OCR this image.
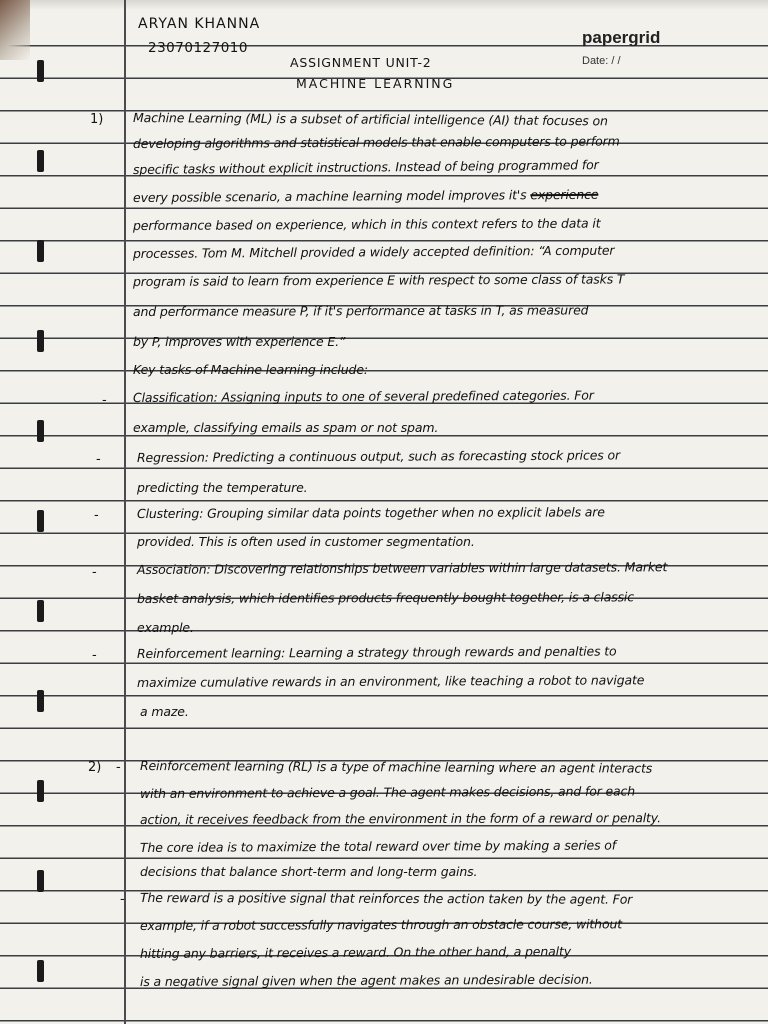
ARYAN KHANNA
23070127010
ASSIGNMENT UNIT-2
MACHINE LEARNING
papergrid
Date: / /
1) Machine Learning (ML) is a subset of artificial intelligence (AI) that focuses on
developing algorithms and statistical models that enable computers to perform
specific tasks without explicit instructions. Instead of being programmed for
every possible scenario, a machine learning model improves it's experience
performance based on experience, which in this context refers to the data it
processes. Tom M. Mitchell provided a widely accepted definition: “A computer
program is said to learn from experience E with respect to some class of tasks T
and performance measure P, if it's performance at tasks in T, as measured
by P, improves with experience E.”
Key tasks of Machine learning include:
- Classification: Assigning inputs to one of several predefined categories. For
example, classifying emails as spam or not spam.
-	Regression: Predicting a continuous output, such as forecasting stock prices or
predicting the temperature.
-	Clustering: Grouping similar data points together when no explicit labels are
provided. This is often used in customer segmentation.
-	Association: Discovering relationships between variables within large datasets. Market
basket analysis, which identifies products frequently bought together, is a classic
example.
-	Reinforcement learning: Learning a strategy through rewards and penalties to
maximize cumulative rewards in an environment, like teaching a robot to navigate
a maze.
2) - Reinforcement learning (RL) is a type of machine learning where an agent interacts
with an environment to achieve a goal. The agent makes decisions, and for each
action, it receives feedback from the environment in the form of a reward or penalty.
The core idea is to maximize the total reward over time by making a series of
decisions that balance short-term and long-term gains.
- The reward is a positive signal that reinforces the action taken by the agent. For
example, if a robot successfully navigates through an obstacle course, without
hitting any barriers, it receives a reward. On the other hand, a penalty
is a negative signal given when the agent makes an undesirable decision.
